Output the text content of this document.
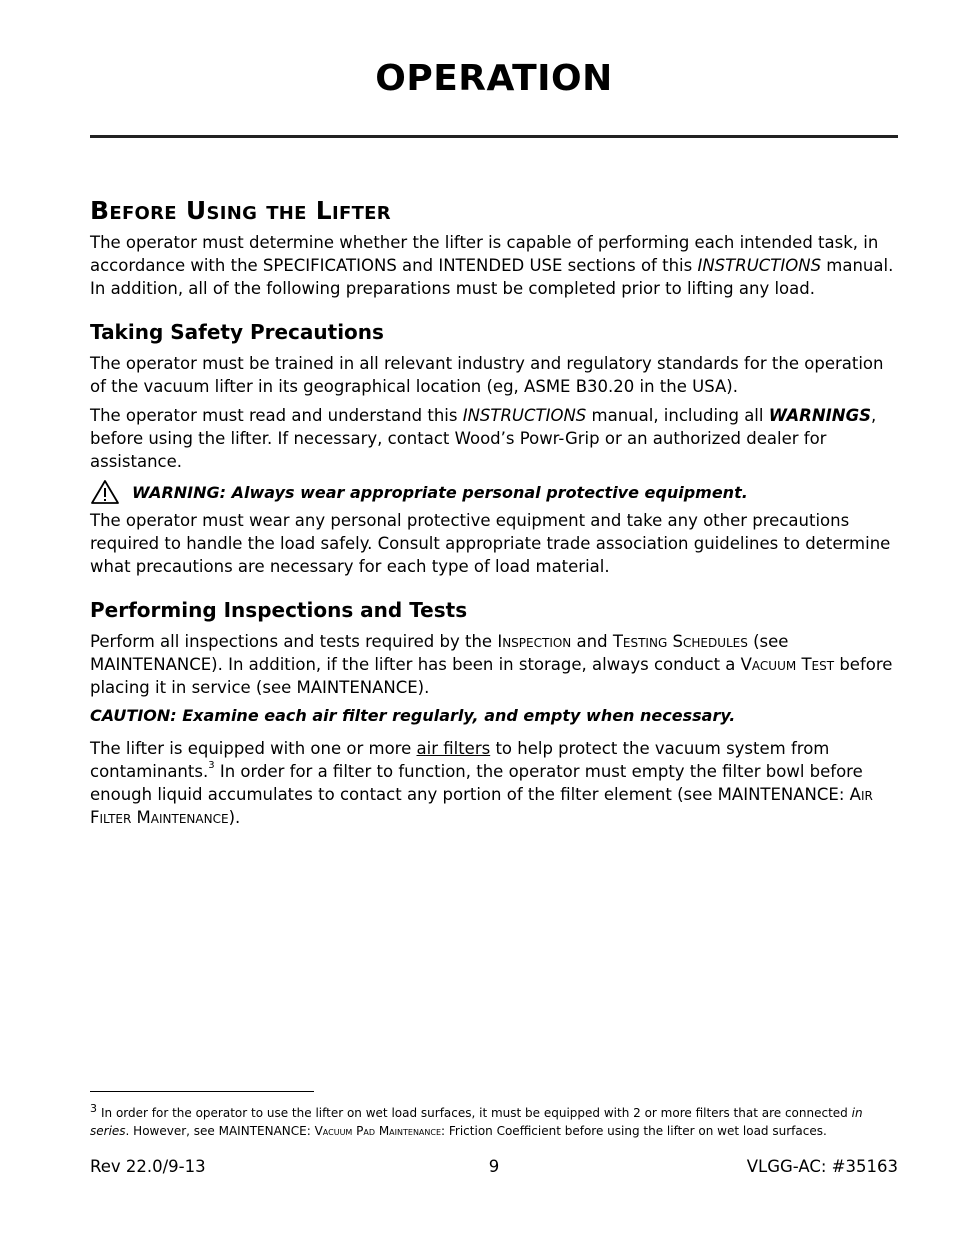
OPERATION
Before Using the Lifter

The operator must determine whether the lifter is capable of performing each intended task, in accordance with the SPECIFICATIONS and INTENDED USE sections of this INSTRUCTIONS manual. In addition, all of the following preparations must be completed prior to lifting any load.

Taking Safety Precautions

The operator must be trained in all relevant industry and regulatory standards for the operation of the vacuum lifter in its geographical location (eg, ASME B30.20 in the USA).

The operator must read and understand this INSTRUCTIONS manual, including all WARNINGS, before using the lifter. If necessary, contact Wood’s Powr-Grip or an authorized dealer for assistance.

WARNING: Always wear appropriate personal protective equipment.

The operator must wear any personal protective equipment and take any other precautions required to handle the load safely. Consult appropriate trade association guidelines to determine what precautions are necessary for each type of load material.

Performing Inspections and Tests

Perform all inspections and tests required by the Inspection and Testing Schedules (see MAINTENANCE). In addition, if the lifter has been in storage, always conduct a Vacuum Test before placing it in service (see MAINTENANCE).

CAUTION: Examine each air filter regularly, and empty when necessary.

The lifter is equipped with one or more air filters to help protect the vacuum system from contaminants.$^3$ In order for a filter to function, the operator must empty the filter bowl before enough liquid accumulates to contact any portion of the filter element (see MAINTENANCE: Air Filter Maintenance).

$^3$ In order for the operator to use the lifter on wet load surfaces, it must be equipped with 2 or more filters that are connected in series. However, see MAINTENANCE: Vacuum Pad Maintenance: Friction Coefficient before using the lifter on wet load surfaces.
Rev 22.0/9-13	9	VLGG-AC: #35163
